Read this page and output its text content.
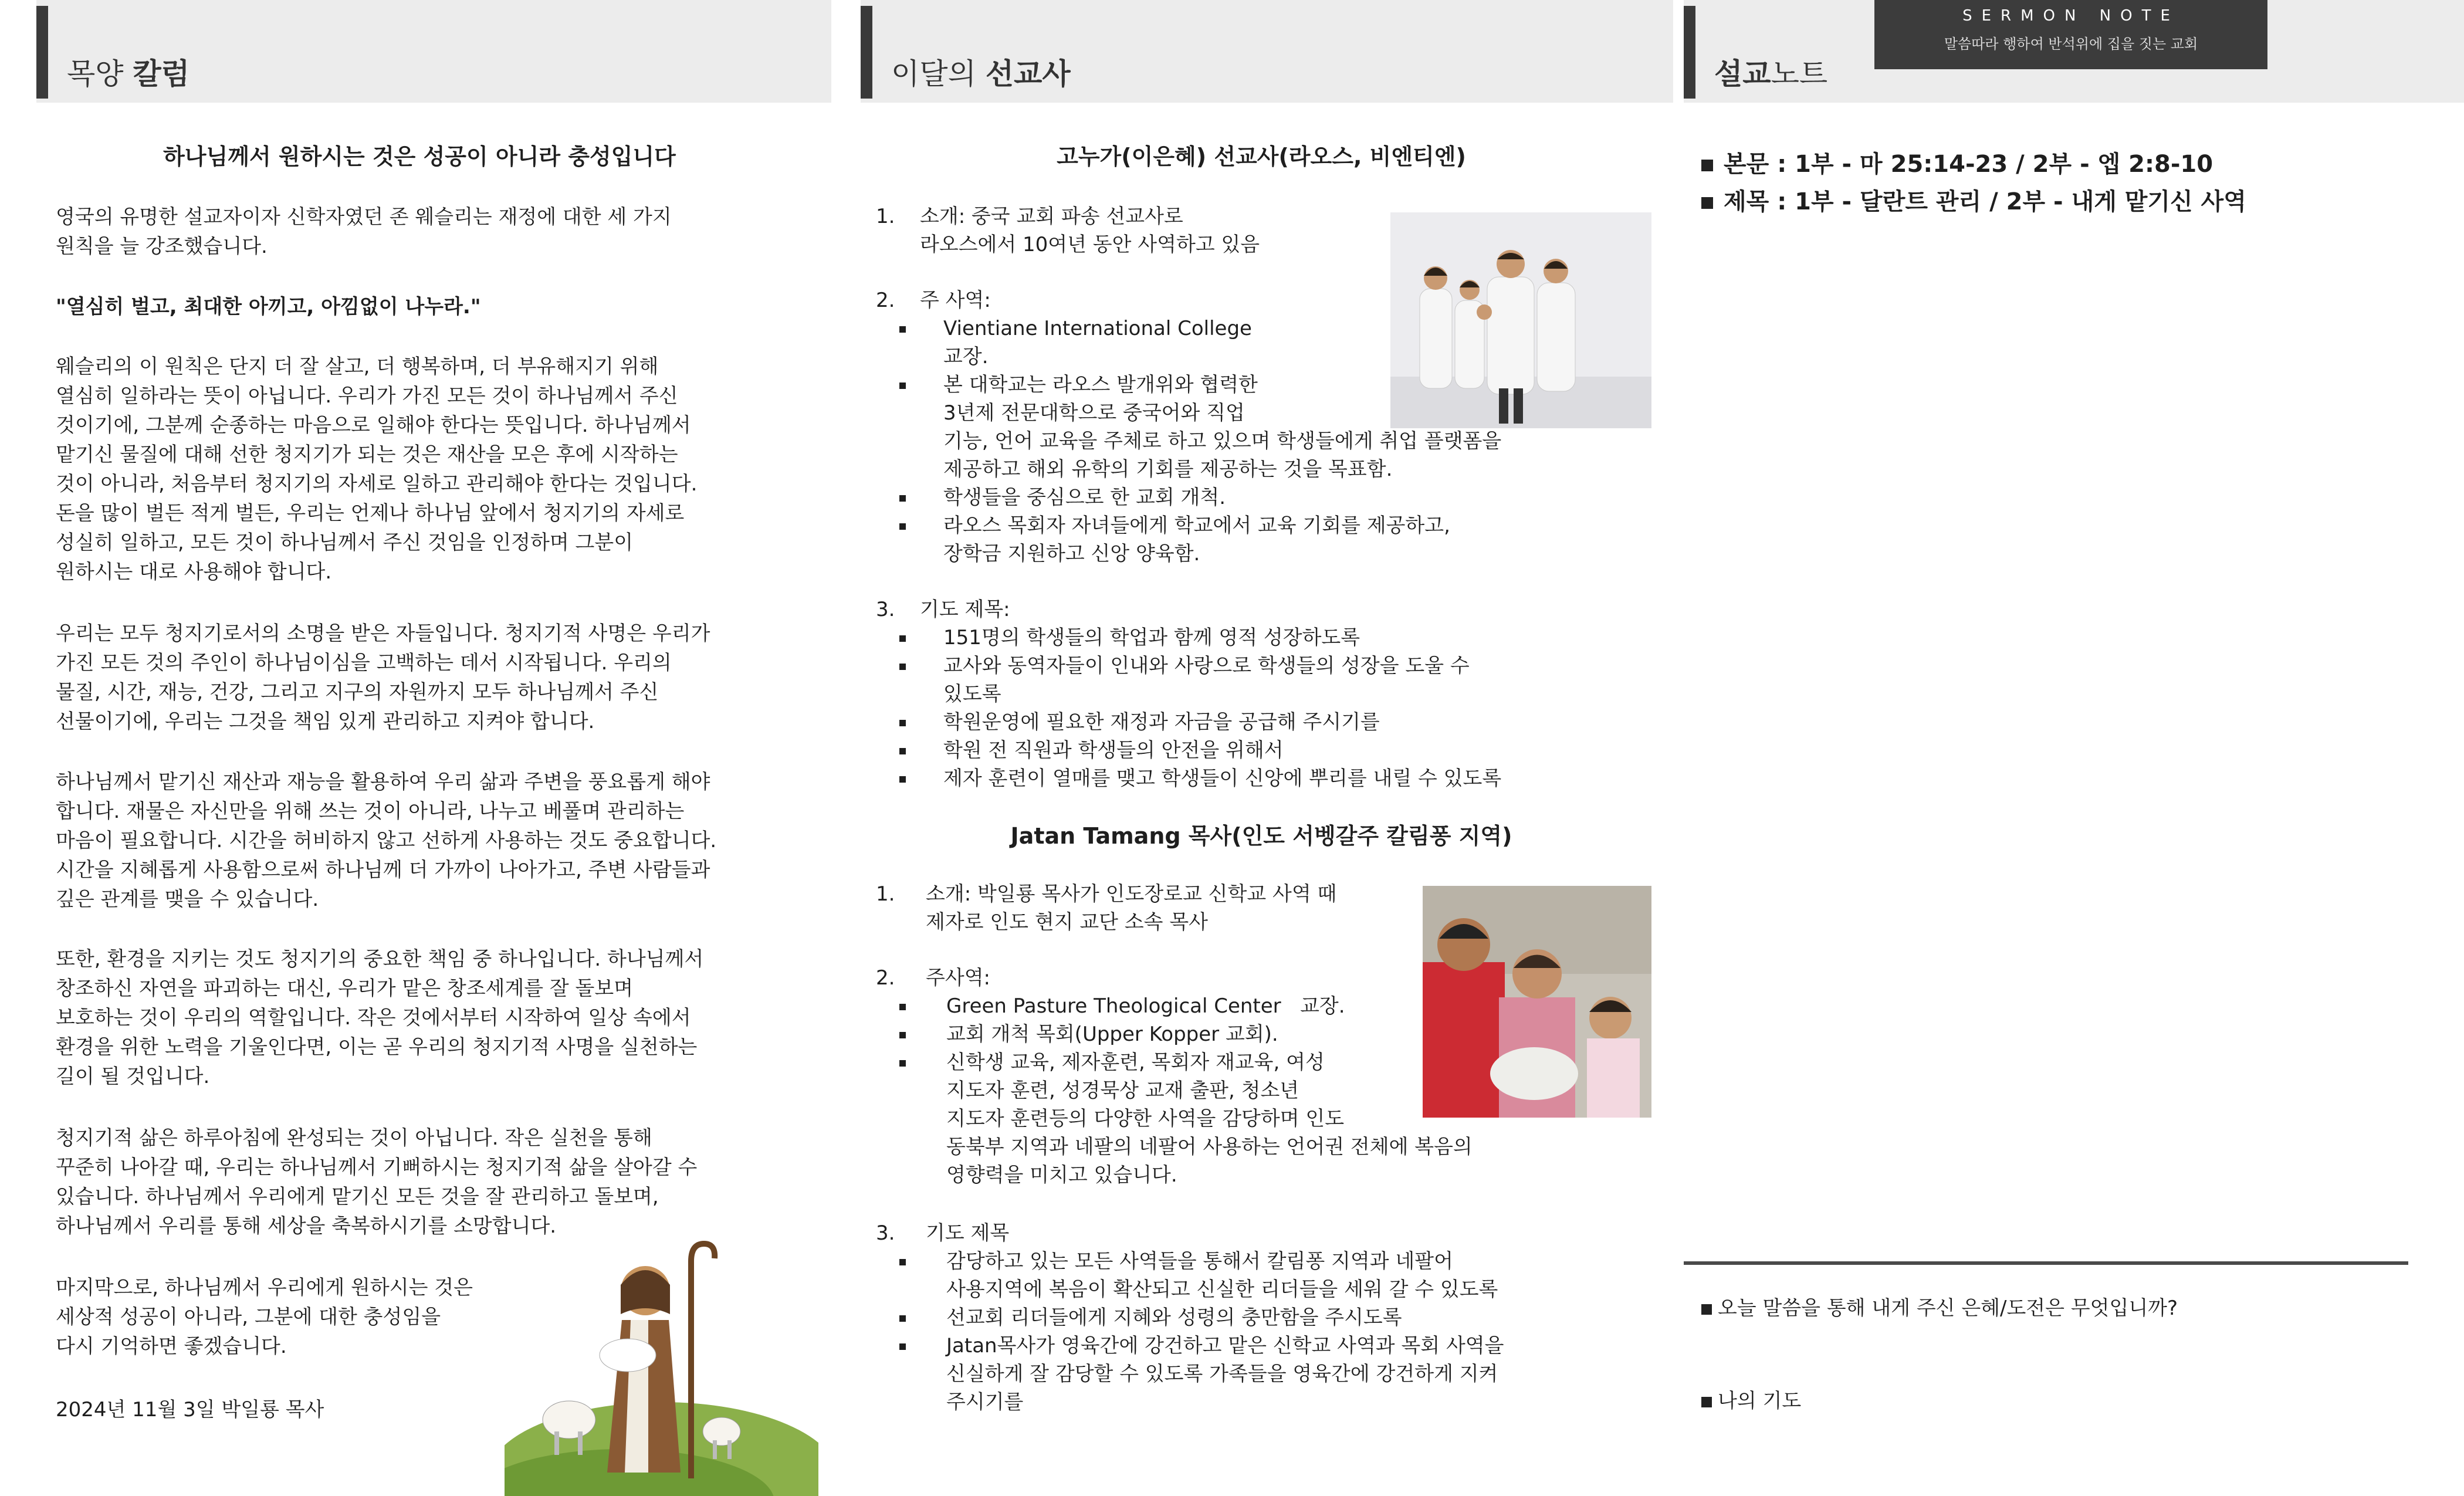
목양 칼럼
하나님께서 원하시는 것은 성공이 아니라 충성입니다
영국의 유명한 설교자이자 신학자였던 존 웨슬리는 재정에 대한 세 가지
원칙을 늘 강조했습니다.
"열심히 벌고, 최대한 아끼고, 아낌없이 나누라."
웨슬리의 이 원칙은 단지 더 잘 살고, 더 행복하며, 더 부유해지기 위해
열심히 일하라는 뜻이 아닙니다. 우리가 가진 모든 것이 하나님께서 주신
것이기에, 그분께 순종하는 마음으로 일해야 한다는 뜻입니다. 하나님께서
맡기신 물질에 대해 선한 청지기가 되는 것은 재산을 모은 후에 시작하는
것이 아니라, 처음부터 청지기의 자세로 일하고 관리해야 한다는 것입니다.
돈을 많이 벌든 적게 벌든, 우리는 언제나 하나님 앞에서 청지기의 자세로
성실히 일하고, 모든 것이 하나님께서 주신 것임을 인정하며 그분이
원하시는 대로 사용해야 합니다.
우리는 모두 청지기로서의 소명을 받은 자들입니다. 청지기적 사명은 우리가
가진 모든 것의 주인이 하나님이심을 고백하는 데서 시작됩니다. 우리의
물질, 시간, 재능, 건강, 그리고 지구의 자원까지 모두 하나님께서 주신
선물이기에, 우리는 그것을 책임 있게 관리하고 지켜야 합니다.
하나님께서 맡기신 재산과 재능을 활용하여 우리 삶과 주변을 풍요롭게 해야
합니다. 재물은 자신만을 위해 쓰는 것이 아니라, 나누고 베풀며 관리하는
마음이 필요합니다. 시간을 허비하지 않고 선하게 사용하는 것도 중요합니다.
시간을 지혜롭게 사용함으로써 하나님께 더 가까이 나아가고, 주변 사람들과
깊은 관계를 맺을 수 있습니다.
또한, 환경을 지키는 것도 청지기의 중요한 책임 중 하나입니다. 하나님께서
창조하신 자연을 파괴하는 대신, 우리가 맡은 창조세계를 잘 돌보며
보호하는 것이 우리의 역할입니다. 작은 것에서부터 시작하여 일상 속에서
환경을 위한 노력을 기울인다면, 이는 곧 우리의 청지기적 사명을 실천하는
길이 될 것입니다.
청지기적 삶은 하루아침에 완성되는 것이 아닙니다. 작은 실천을 통해
꾸준히 나아갈 때, 우리는 하나님께서 기뻐하시는 청지기적 삶을 살아갈 수
있습니다. 하나님께서 우리에게 맡기신 모든 것을 잘 관리하고 돌보며,
하나님께서 우리를 통해 세상을 축복하시기를 소망합니다.
마지막으로, 하나님께서 우리에게 원하시는 것은
세상적 성공이 아니라, 그분에 대한 충성임을
다시 기억하면 좋겠습니다.
2024년 11월 3일 박일룡 목사
이달의 선교사
고누가(이은혜) 선교사(라오스, 비엔티엔)
1. 소개: 중국 교회 파송 선교사로
라오스에서 10여년 동안 사역하고 있음
2. 주 사역:
Vientiane International College
교장.
본 대학교는 라오스 발개위와 협력한
3년제 전문대학으로 중국어와 직업
기능, 언어 교육을 주체로 하고 있으며 학생들에게 취업 플랫폼을
제공하고 해외 유학의 기회를 제공하는 것을 목표함.
학생들을 중심으로 한 교회 개척.
라오스 목회자 자녀들에게 학교에서 교육 기회를 제공하고,
장학금 지원하고 신앙 양육함.
3. 기도 제목:
151명의 학생들의 학업과 함께 영적 성장하도록
교사와 동역자들이 인내와 사랑으로 학생들의 성장을 도울 수
있도록
학원운영에 필요한 재정과 자금을 공급해 주시기를
학원 전 직원과 학생들의 안전을 위해서
제자 훈련이 열매를 맺고 학생들이 신앙에 뿌리를 내릴 수 있도록
Jatan Tamang 목사(인도 서벵갈주 칼림퐁 지역)
1. 소개: 박일룡 목사가 인도장로교 신학교 사역 때
제자로 인도 현지 교단 소속 목사
2. 주사역:
Green Pasture Theological Center   교장.
교회 개척 목회(Upper Kopper 교회).
신학생 교육, 제자훈련, 목회자 재교육, 여성
지도자 훈련, 성경묵상 교재 출판, 청소년
지도자 훈련등의 다양한 사역을 감당하며 인도
동북부 지역과 네팔의 네팔어 사용하는 언어권 전체에 복음의
영향력을 미치고 있습니다.
3. 기도 제목
감당하고 있는 모든 사역들을 통해서 칼림퐁 지역과 네팔어
사용지역에 복음이 확산되고 신실한 리더들을 세워 갈 수 있도록
선교회 리더들에게 지혜와 성령의 충만함을 주시도록
Jatan목사가 영육간에 강건하고 맡은 신학교 사역과 목회 사역을
신실하게 잘 감당할 수 있도록 가족들을 영육간에 강건하게 지켜
주시기를
설교노트
SERMON NOTE
말씀따라 행하여 반석위에 집을 짓는 교회
본문 : 1부 - 마 25:14-23 / 2부 - 엡 2:8-10
제목 : 1부 - 달란트 관리 / 2부 - 내게 맡기신 사역
오늘 말씀을 통해 내게 주신 은혜/도전은 무엇입니까?
나의 기도
